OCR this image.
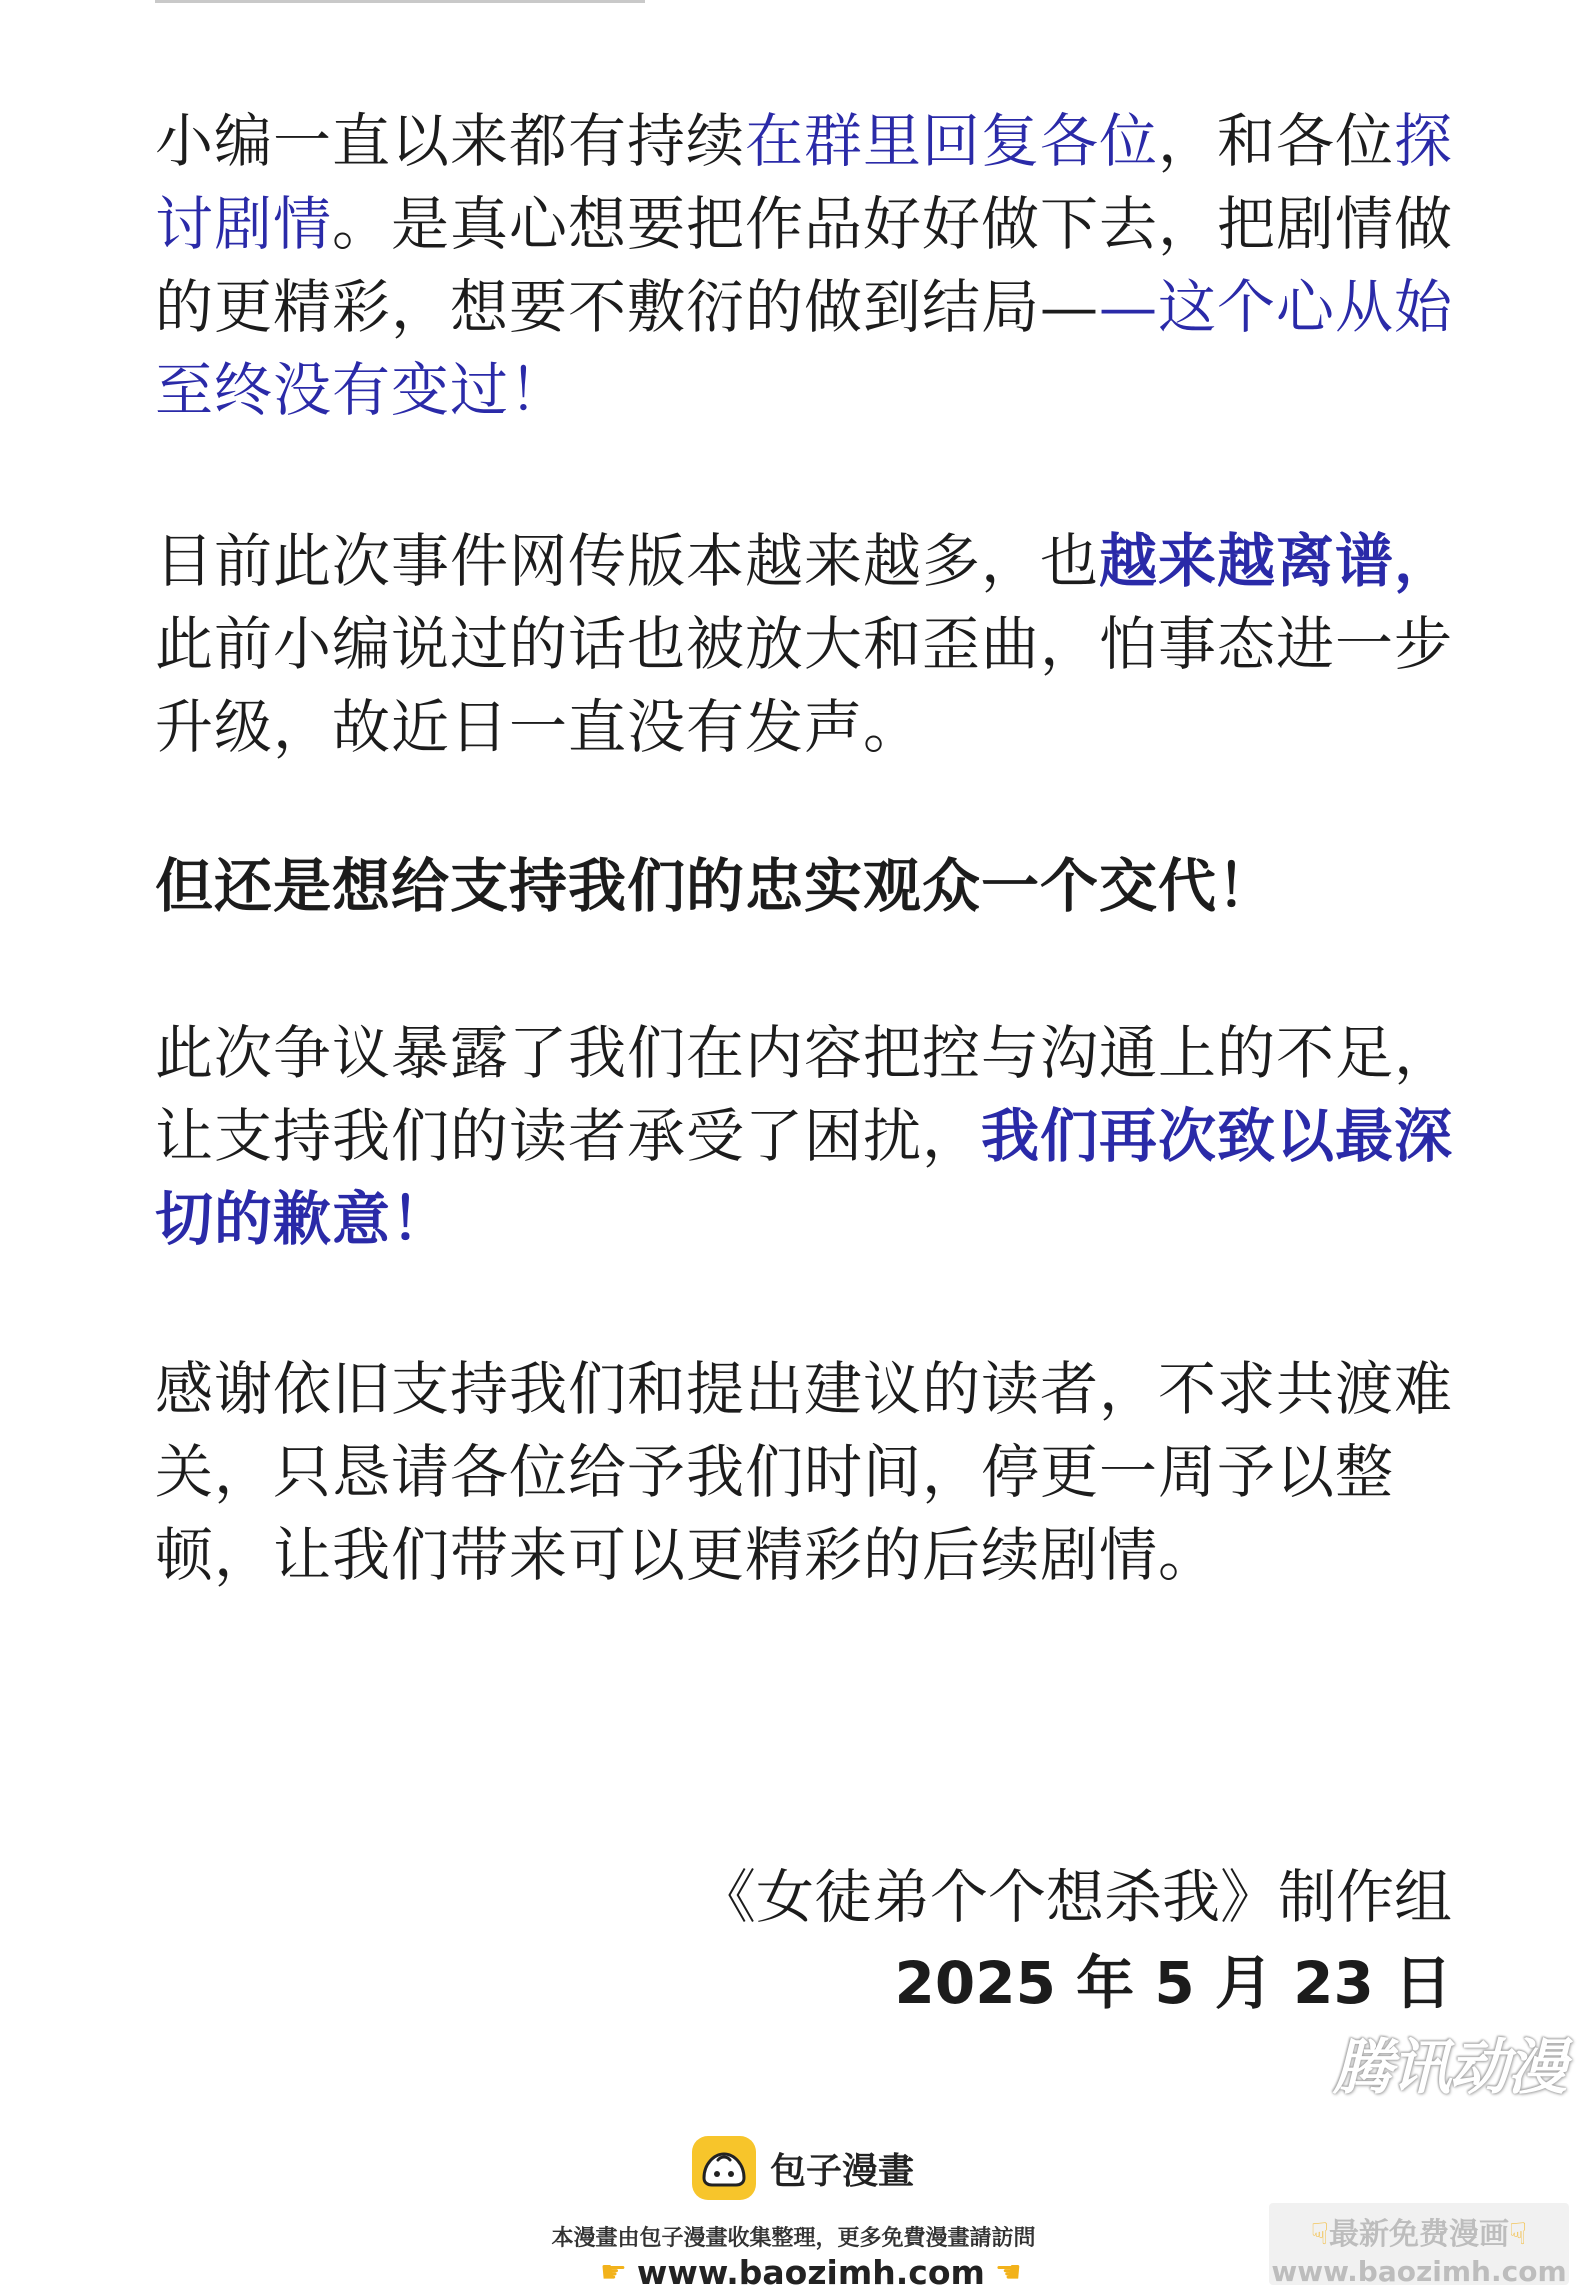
小编一直以来都有持续在群里回复各位，和各位探讨剧情。是真心想要把作品好好做下去，把剧情做的更精彩，想要不敷衍的做到结局——这个心从始至终没有变过！

目前此次事件网传版本越来越多，也越来越离谱，此前小编说过的话也被放大和歪曲，怕事态进一步升级，故近日一直没有发声。

但还是想给支持我们的忠实观众一个交代！

此次争议暴露了我们在内容把控与沟通上的不足，让支持我们的读者承受了困扰，我们再次致以最深切的歉意！

感谢依旧支持我们和提出建议的读者，不求共渡难关，只恳请各位给予我们时间，停更一周予以整顿，让我们带来可以更精彩的后续剧情。

《女徒弟个个想杀我》制作组

2025 年 5 月 23 日

腾讯动漫
包子漫畫
本漫畫由包子漫畫收集整理，更多免費漫畫請訪問
☛ www.baozimh.com ☚
☟最新免费漫画☟
www.baozimh.com
